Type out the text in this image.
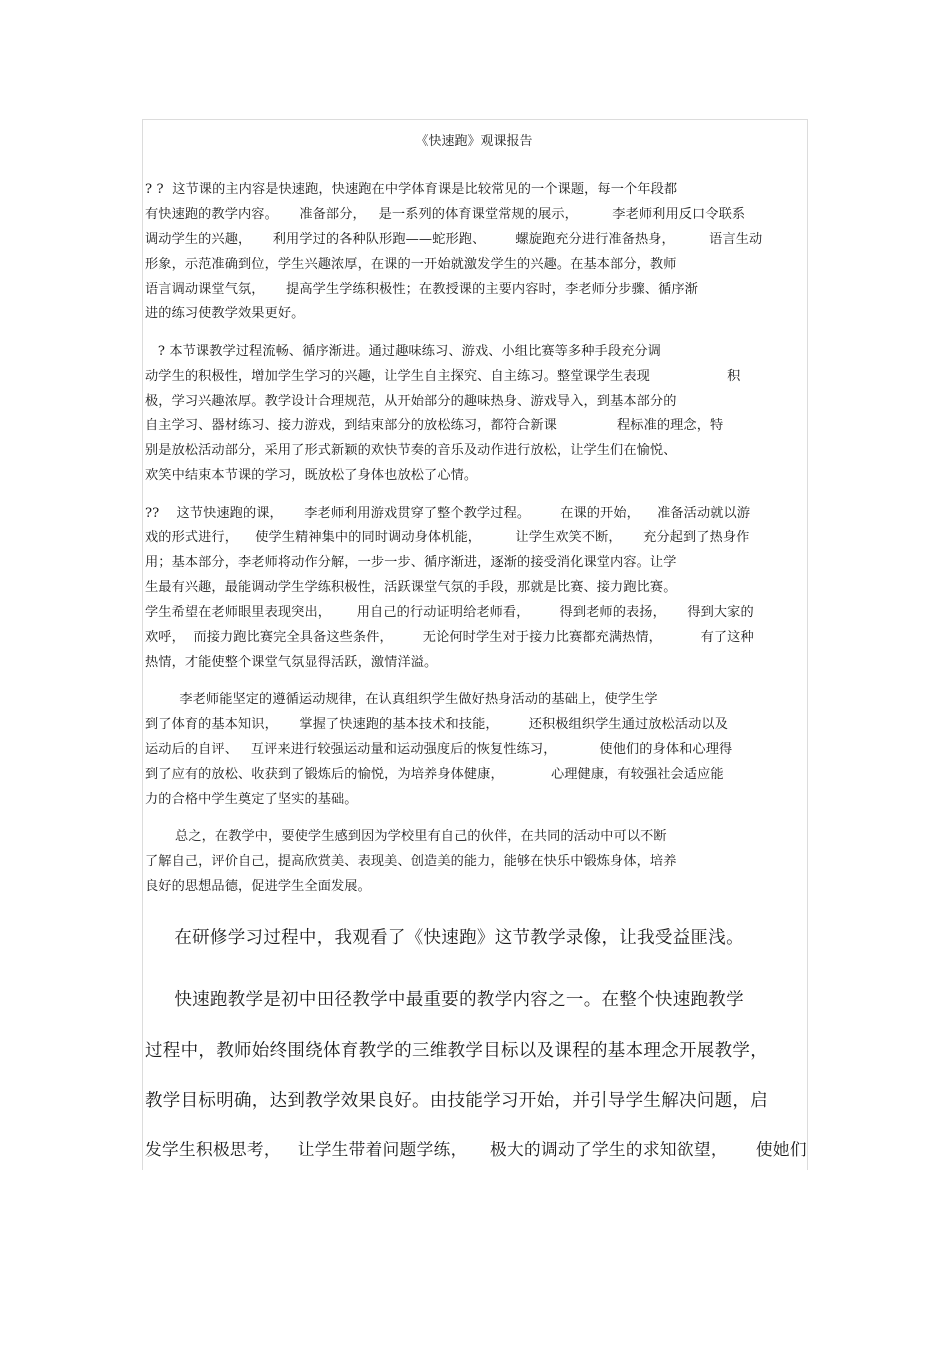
《快速跑》观课报告
? ?  这节课的主内容是快速跑，快速跑在中学体育课是比较常见的一个课题，每一个年段都
有快速跑的教学内容。     准备部分，   是一系列的体育课堂常规的展示，        李老师利用反口令联系
调动学生的兴趣，     利用学过的各种队形跑——蛇形跑、       螺旋跑充分进行准备热身，        语言生动
形象，示范准确到位，学生兴趣浓厚，在课的一开始就激发学生的兴趣。在基本部分，教师
语言调动课堂气氛，     提高学生学练积极性；在教授课的主要内容时，李老师分步骤、循序渐
进的练习使教学效果更好。
? 本节课教学过程流畅、循序渐进。通过趣味练习、游戏、小组比赛等多种手段充分调
动学生的积极性，增加学生学习的兴趣，让学生自主探究、自主练习。整堂课学生表现                  积
极，学习兴趣浓厚。教学设计合理规范，从开始部分的趣味热身、游戏导入，到基本部分的
自主学习、器材练习、接力游戏，到结束部分的放松练习，都符合新课              程标准的理念，特
别是放松活动部分，采用了形式新颖的欢快节奏的音乐及动作进行放松，让学生们在愉悦、
欢笑中结束本节课的学习，既放松了身体也放松了心情。
??    这节快速跑的课，     李老师利用游戏贯穿了整个教学过程。       在课的开始，    准备活动就以游
戏的形式进行，    使学生精神集中的同时调动身体机能，        让学生欢笑不断，     充分起到了热身作
用；基本部分，李老师将动作分解，一步一步、循序渐进，逐渐的接受消化课堂内容。让学
生最有兴趣，最能调动学生学练积极性，活跃课堂气氛的手段，那就是比赛、接力跑比赛。
学生希望在老师眼里表现突出，      用自己的行动证明给老师看，       得到老师的表扬，     得到大家的
欢呼，  而接力跑比赛完全具备这些条件，       无论何时学生对于接力比赛都充满热情，         有了这种
热情，才能使整个课堂气氛显得活跃，激情洋溢。
李老师能坚定的遵循运动规律，在认真组织学生做好热身活动的基础上，使学生学
到了体育的基本知识，     掌握了快速跑的基本技术和技能，       还积极组织学生通过放松活动以及
运动后的自评、   互评来进行较强运动量和运动强度后的恢复性练习，          使他们的身体和心理得
到了应有的放松、收获到了锻炼后的愉悦，为培养身体健康，           心理健康，有较强社会适应能
力的合格中学生奠定了坚实的基础。
总之，在教学中，要使学生感到因为学校里有自己的伙伴，在共同的活动中可以不断
了解自己，评价自己，提高欣赏美、表现美、创造美的能力，能够在快乐中锻炼身体，培养
良好的思想品德，促进学生全面发展。
在研修学习过程中，我观看了《快速跑》这节教学录像，让我受益匪浅。
快速跑教学是初中田径教学中最重要的教学内容之一。在整个快速跑教学
过程中，教师始终围绕体育教学的三维教学目标以及课程的基本理念开展教学，
教学目标明确，达到教学效果良好。由技能学习开始，并引导学生解决问题，启
发学生积极思考，   让学生带着问题学练，    极大的调动了学生的求知欲望，     使她们
